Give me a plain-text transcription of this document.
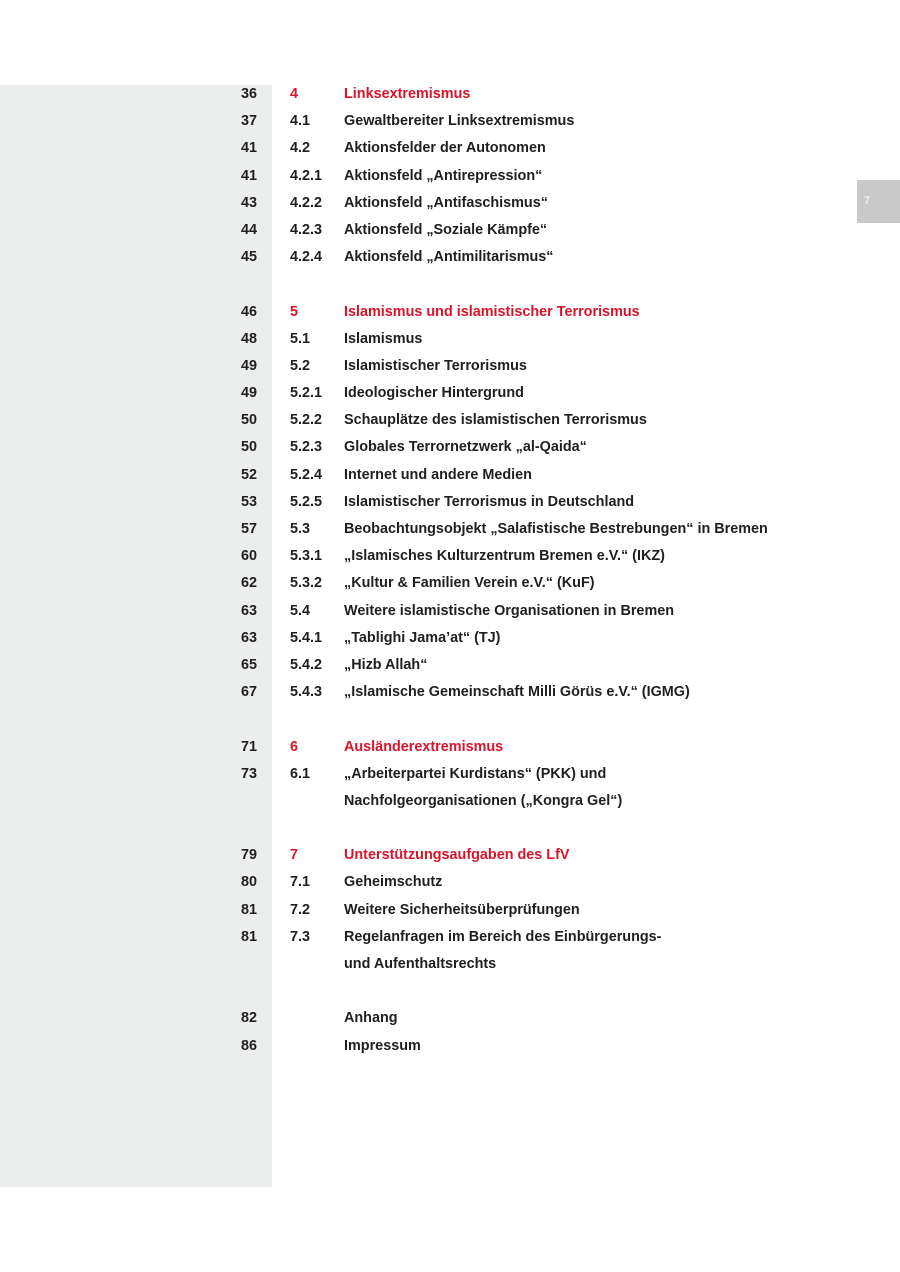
7
36 4	Linksextremismus
37 4.1 Gewaltbereiter Linksextremismus
41 4.2 Aktionsfelder der Autonomen
41 4.2.1 Aktionsfeld „Antirepression“
43 4.2.2 Aktionsfeld „Antifaschismus“
44 4.2.3 Aktionsfeld „Soziale Kämpfe“
45 4.2.4 Aktionsfeld „Antimilitarismus“
46 5	Islamismus und islamistischer Terrorismus
48 5.1 Islamismus
49 5.2 Islamistischer Terrorismus
49 5.2.1 Ideologischer Hintergrund
50 5.2.2 Schauplätze des islamistischen Terrorismus
50 5.2.3 Globales Terrornetzwerk „al-Qaida“
52 5.2.4 Internet und andere Medien
53 5.2.5 Islamistischer Terrorismus in Deutschland
57 5.3 Beobachtungsobjekt „Salafistische Bestrebungen“ in Bremen
60 5.3.1 „Islamisches Kulturzentrum Bremen e.V.“ (IKZ)
62 5.3.2 „Kultur & Familien Verein e.V.“ (KuF)
63 5.4 Weitere islamistische Organisationen in Bremen
63 5.4.1 „Tablighi Jama’at“ (TJ)
65 5.4.2 „Hizb Allah“
67 5.4.3 „Islamische Gemeinschaft Milli Görüs e.V.“ (IGMG)
71 6	Ausländerextremismus
73 6.1 „Arbeiterpartei Kurdistans“ (PKK) und
Nachfolgeorganisationen („Kongra Gel“)
79 7	Unterstützungsaufgaben des LfV
80 7.1 Geheimschutz
81 7.2 Weitere Sicherheitsüberprüfungen
81 7.3 Regelanfragen im Bereich des Einbürgerungs-
und Aufenthaltsrechts
82	Anhang
86	Impressum
